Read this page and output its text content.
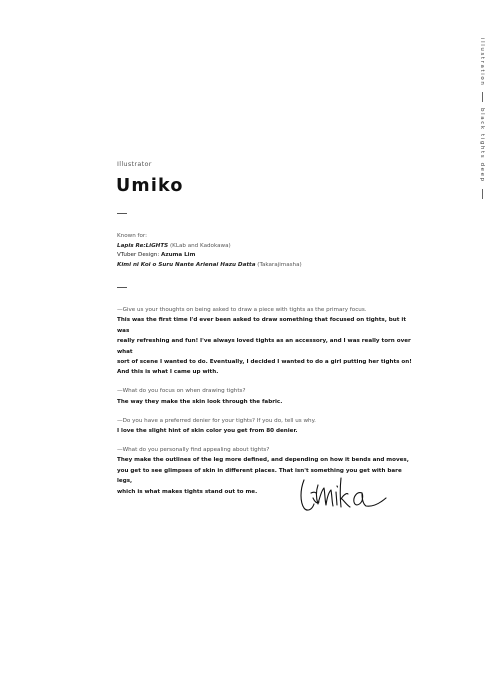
illustration
black tights deep
Illustrator
Umiko
Known for:
Lapis Re:LiGHTS (KLab and Kadokawa)
VTuber Design: Azuma Lim
Kimi ni Koi o Suru Nante Arienai Hazu Datta (Takarajimasha)

—Give us your thoughts on being asked to draw a piece with tights as the primary focus.

This was the first time I'd ever been asked to draw something that focused on tights, but it was
really refreshing and fun! I've always loved tights as an accessory, and I was really torn over what
sort of scene I wanted to do. Eventually, I decided I wanted to do a girl putting her tights on!
And this is what I came up with.

—What do you focus on when drawing tights?

The way they make the skin look through the fabric.

—Do you have a preferred denier for your tights? If you do, tell us why.

I love the slight hint of skin color you get from 80 denier.

—What do you personally find appealing about tights?

They make the outlines of the leg more defined, and depending on how it bends and moves,
you get to see glimpses of skin in different places. That isn't something you get with bare legs,
which is what makes tights stand out to me.
